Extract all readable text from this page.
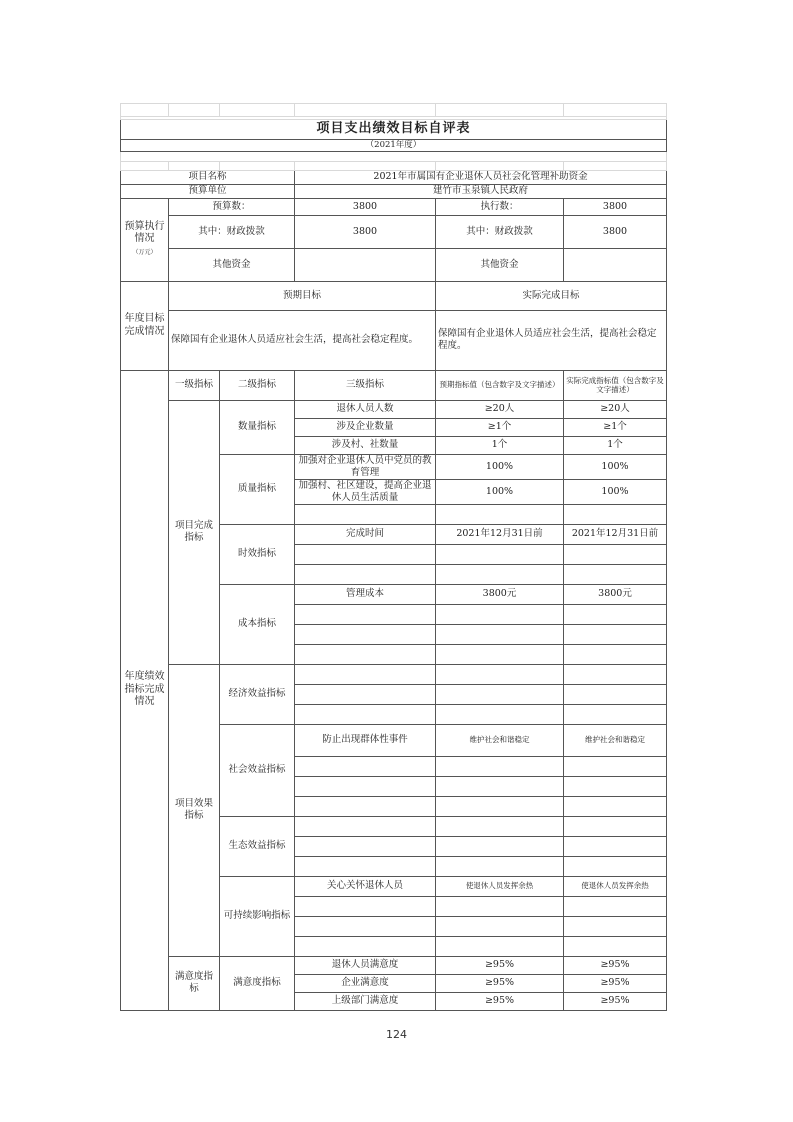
项目支出绩效目标自评表					
（2021年度）					

项目名称			2021年市属国有企业退休人员社会化管理补助资金		
预算单位			建竹市玉泉镇人民政府		
预算执行情况
（万元）	预算数：		3800	执行数：	3800
	其中：财政拨款		3800	其中：财政拨款	3800
	其他资金			其他资金	
年度目标完成情况	预期目标			实际完成目标	
	保障国有企业退休人员适应社会生活，提高社会稳定程度。			保障国有企业退休人员适应社会生活，提高社会稳定程度。	
年度绩效指标完成情况	一级指标	二级指标	三级指标	预期指标值（包含数字及文字描述）	实际完成指标值（包含数字及文字描述）
	项目完成指标	数量指标	退休人员人数	≥20人	≥20人
			涉及企业数量	≥1个	≥1个
			涉及村、社数量	1个	1个
		质量指标	加强对企业退休人员中党员的教育管理	100%	100%
			加强村、社区建设，提高企业退休人员生活质量	100%	100%

		时效指标	完成时间	2021年12月31日前	2021年12月31日前

		成本指标	管理成本	3800元	3800元

	项目效果指标	经济效益指标			

		社会效益指标	防止出现群体性事件	维护社会和谐稳定	维护社会和谐稳定

		生态效益指标			

		可持续影响指标	关心关怀退休人员	使退休人员发挥余热	使退休人员发挥余热

	满意度指标	满意度指标	退休人员满意度	≥95%	≥95%
			企业满意度	≥95%	≥95%
			上级部门满意度	≥95%	≥95%
124
